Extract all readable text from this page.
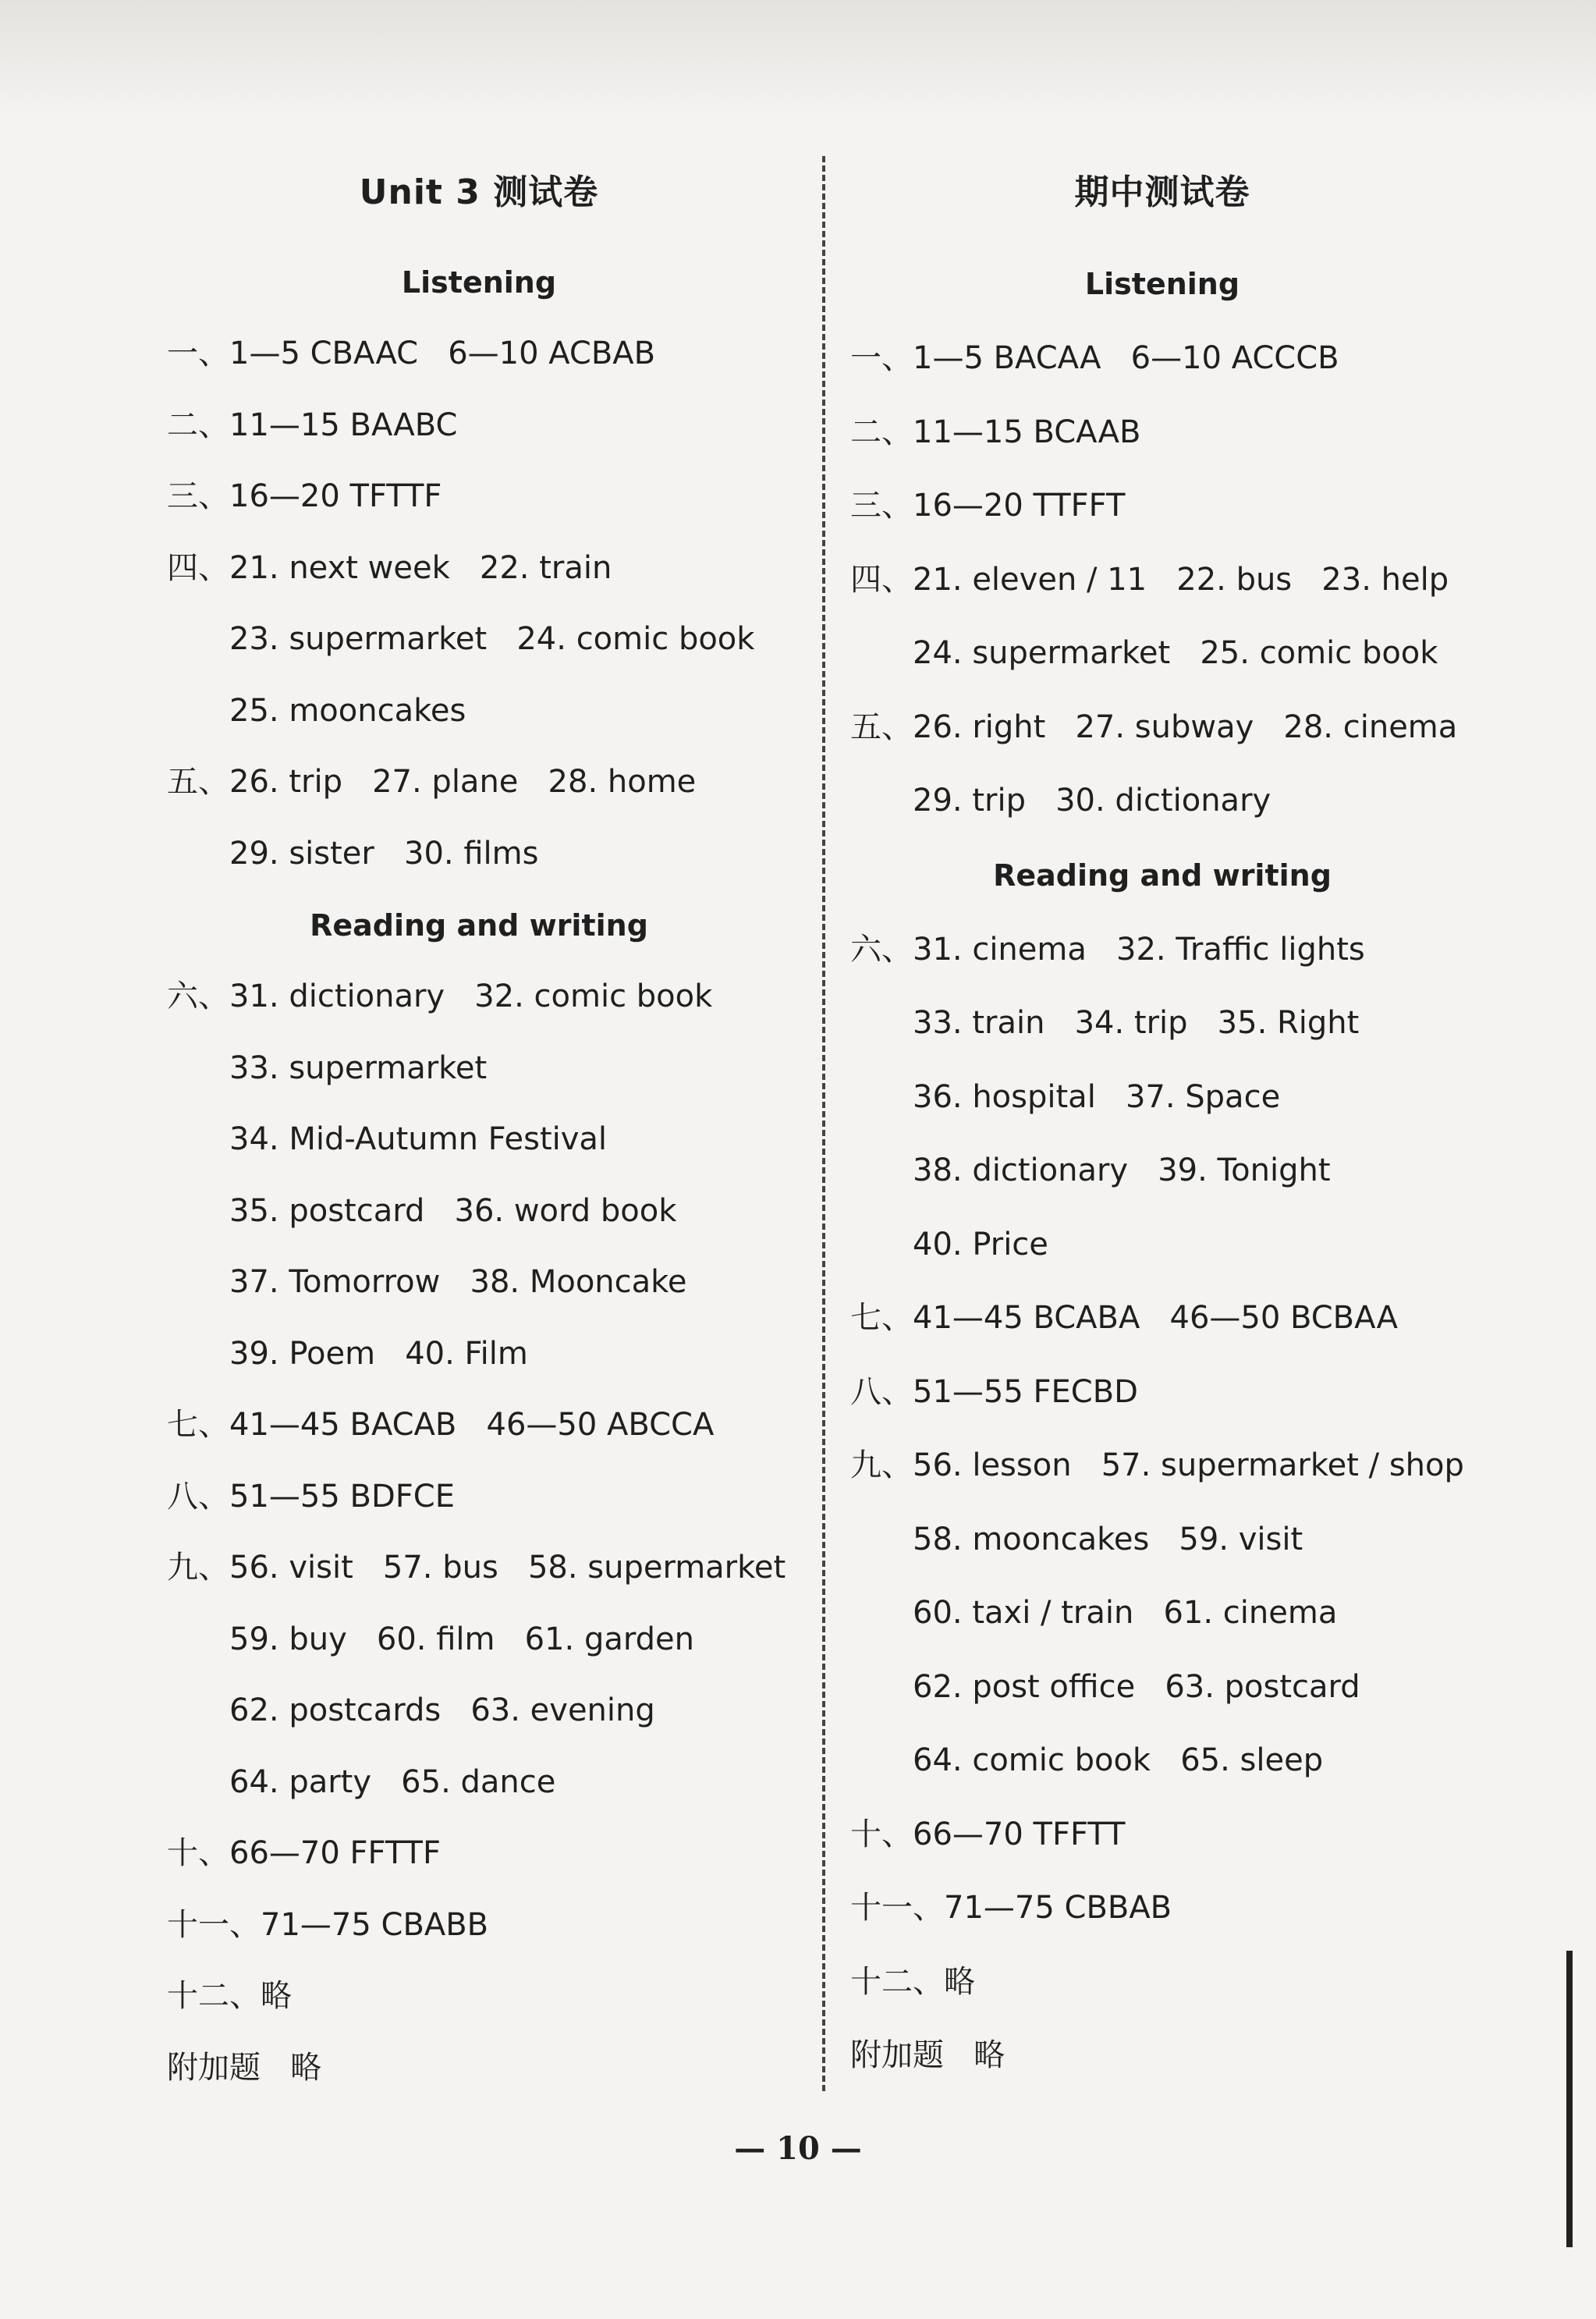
Unit 3 测试卷
Listening
一、1—5 CBAAC   6—10 ACBAB
二、11—15 BAABC
三、16—20 TFTTF
四、21. next week   22. train
23. supermarket   24. comic book
25. mooncakes
五、26. trip   27. plane   28. home
29. sister   30. films
Reading and writing
六、31. dictionary   32. comic book
33. supermarket
34. Mid-Autumn Festival
35. postcard   36. word book
37. Tomorrow   38. Mooncake
39. Poem   40. Film
七、41—45 BACAB   46—50 ABCCA
八、51—55 BDFCE
九、56. visit   57. bus   58. supermarket
59. buy   60. film   61. garden
62. postcards   63. evening
64. party   65. dance
十、66—70 FFTTF
十一、71—75 CBABB
十二、略
附加题   略
期中测试卷
Listening
一、1—5 BACAA   6—10 ACCCB
二、11—15 BCAAB
三、16—20 TTFFT
四、21. eleven / 11   22. bus   23. help
24. supermarket   25. comic book
五、26. right   27. subway   28. cinema
29. trip   30. dictionary
Reading and writing
六、31. cinema   32. Traffic lights
33. train   34. trip   35. Right
36. hospital   37. Space
38. dictionary   39. Tonight
40. Price
七、41—45 BCABA   46—50 BCBAA
八、51—55 FECBD
九、56. lesson   57. supermarket / shop
58. mooncakes   59. visit
60. taxi / train   61. cinema
62. post office   63. postcard
64. comic book   65. sleep
十、66—70 TFFTT
十一、71—75 CBBAB
十二、略
附加题   略
— 10 —
